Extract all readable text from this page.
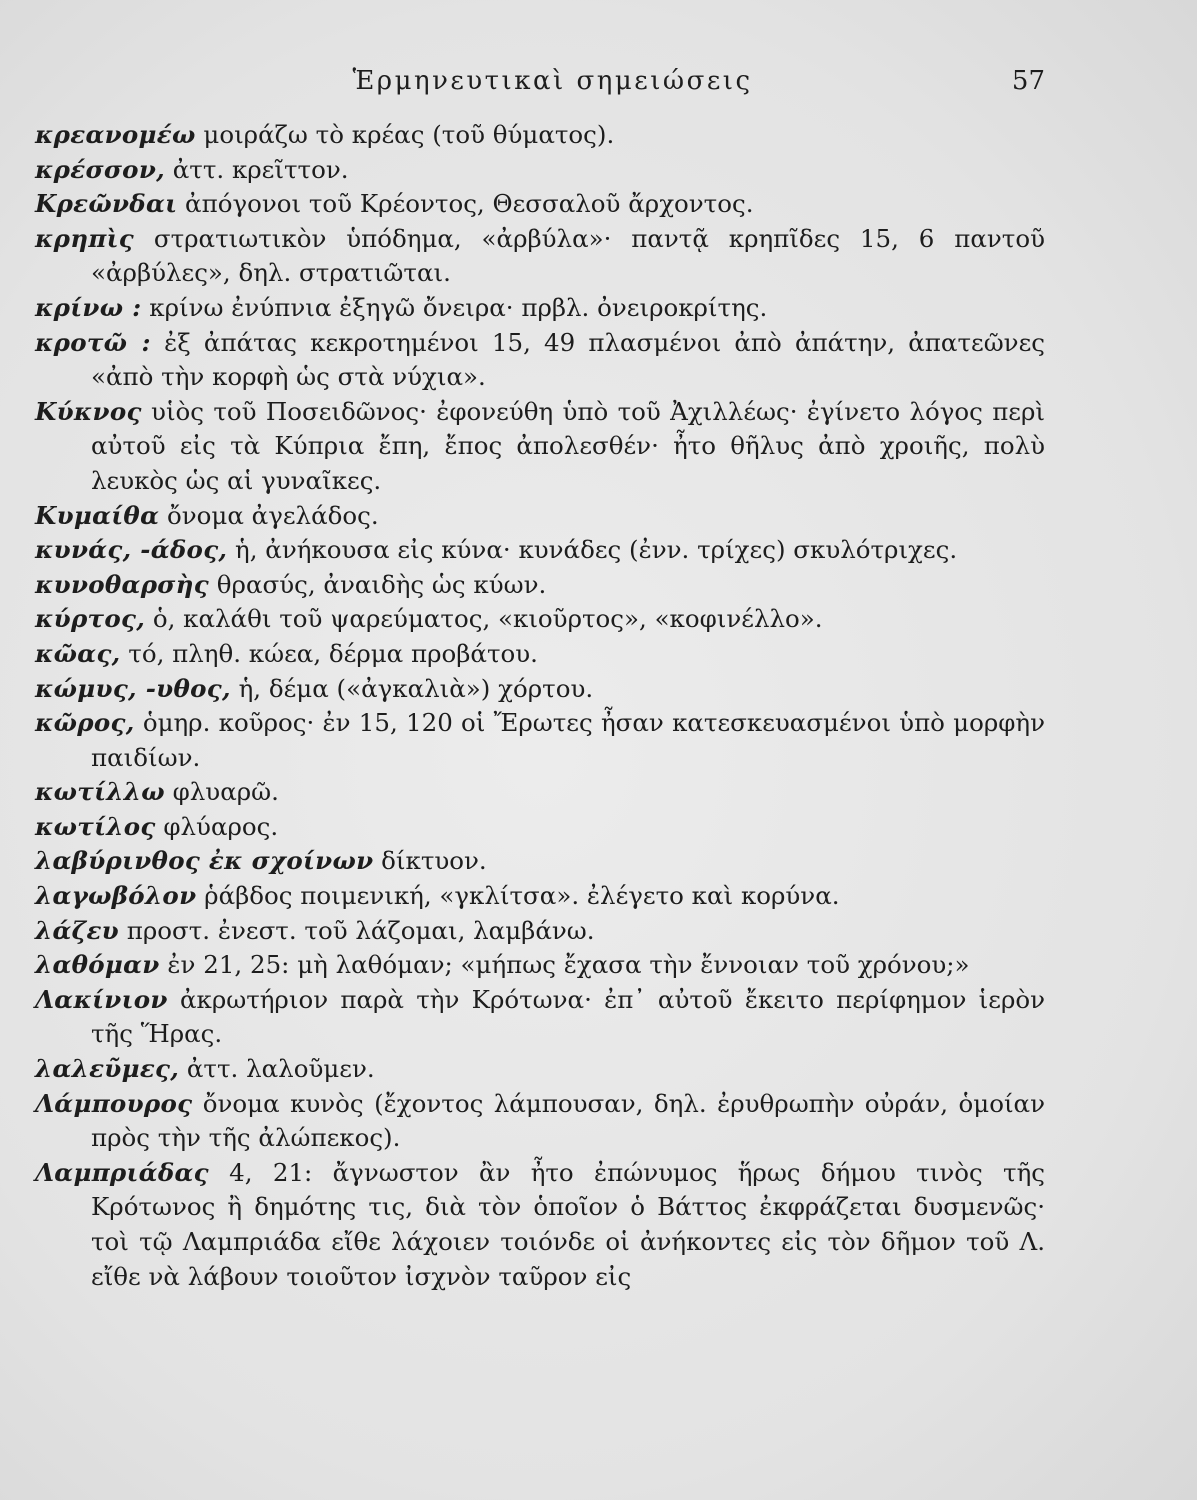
Ἑρμηνευτικαὶ σημειώσεις	57

κρεανομέω μοιράζω τὸ κρέας (τοῦ θύματος).

κρέσσον, ἀττ. κρεῖττον.

Κρεῶνδαι ἀπόγονοι τοῦ Κρέοντος, Θεσσαλοῦ ἄρχοντος.

κρηπὶς στρατιωτικὸν ὑπόδημα, «ἀρβύλα»· παντᾷ κρηπῖδες 15, 6 παντοῦ «ἀρβύλες», δηλ. στρατιῶται.

κρίνω : κρίνω ἐνύπνια ἐξηγῶ ὄνειρα· πρβλ. ὀνειροκρίτης.

κροτῶ : ἐξ ἀπάτας κεκροτημένοι 15, 49 πλασμένοι ἀπὸ ἀπάτην, ἀπατεῶνες «ἀπὸ τὴν κορφὴ ὡς στὰ νύχια».

Κύκνος υἱὸς τοῦ Ποσειδῶνος· ἐφονεύθη ὑπὸ τοῦ Ἀχιλλέως· ἐγίνετο λόγος περὶ αὐτοῦ εἰς τὰ Κύπρια ἔπη, ἔπος ἀπολεσθέν· ἦτο θῆλυς ἀπὸ χροιῆς, πολὺ λευκὸς ὡς αἱ γυναῖκες.

Κυμαίθα ὄνομα ἀγελάδος.

κυνάς, -άδος, ἡ, ἀνήκουσα εἰς κύνα· κυνάδες (ἐνν. τρίχες) σκυλότριχες.

κυνοθαρσὴς θρασύς, ἀναιδὴς ὡς κύων.

κύρτος, ὁ, καλάθι τοῦ ψαρεύματος, «κιοῦρτος», «κοφινέλλο».

κῶας, τό, πληθ. κώεα, δέρμα προβάτου.

κώμυς, -υθος, ἡ, δέμα («ἀγκαλιὰ») χόρτου.

κῶρος, ὁμηρ. κοῦρος· ἐν 15, 120 οἱ Ἔρωτες ἦσαν κατεσκευασμένοι ὑπὸ μορφὴν παιδίων.

κωτίλλω φλυαρῶ.

κωτίλος φλύαρος.

λαβύρινθος ἐκ σχοίνων δίκτυον.

λαγωβόλον ῥάβδος ποιμενική, «γκλίτσα». ἐλέγετο καὶ κορύνα.

λάζευ προστ. ἐνεστ. τοῦ λάζομαι, λαμβάνω.

λαθόμαν ἐν 21, 25: μὴ λαθόμαν; «μήπως ἔχασα τὴν ἔννοιαν τοῦ χρόνου;»

Λακίνιον ἀκρωτήριον παρὰ τὴν Κρότωνα· ἐπ᾽ αὐτοῦ ἔκειτο περίφημον ἱερὸν τῆς Ἥρας.

λαλεῦμες, ἀττ. λαλοῦμεν.

Λάμπουρος ὄνομα κυνὸς (ἔχοντος λάμπουσαν, δηλ. ἐρυθρωπὴν οὐράν, ὁμοίαν πρὸς τὴν τῆς ἀλώπεκος).

Λαμπριάδας 4, 21: ἄγνωστον ἂν ἦτο ἐπώνυμος ἥρως δήμου τινὸς τῆς Κρότωνος ἢ δημότης τις, διὰ τὸν ὁποῖον ὁ Βάττος ἐκφράζεται δυσμενῶς· τοὶ τῷ Λαμπριάδα εἴθε λάχοιεν τοιόνδε οἱ ἀνήκοντες εἰς τὸν δῆμον τοῦ Λ. εἴθε νὰ λάβουν τοιοῦτον ἰσχνὸν ταῦρον εἰς
